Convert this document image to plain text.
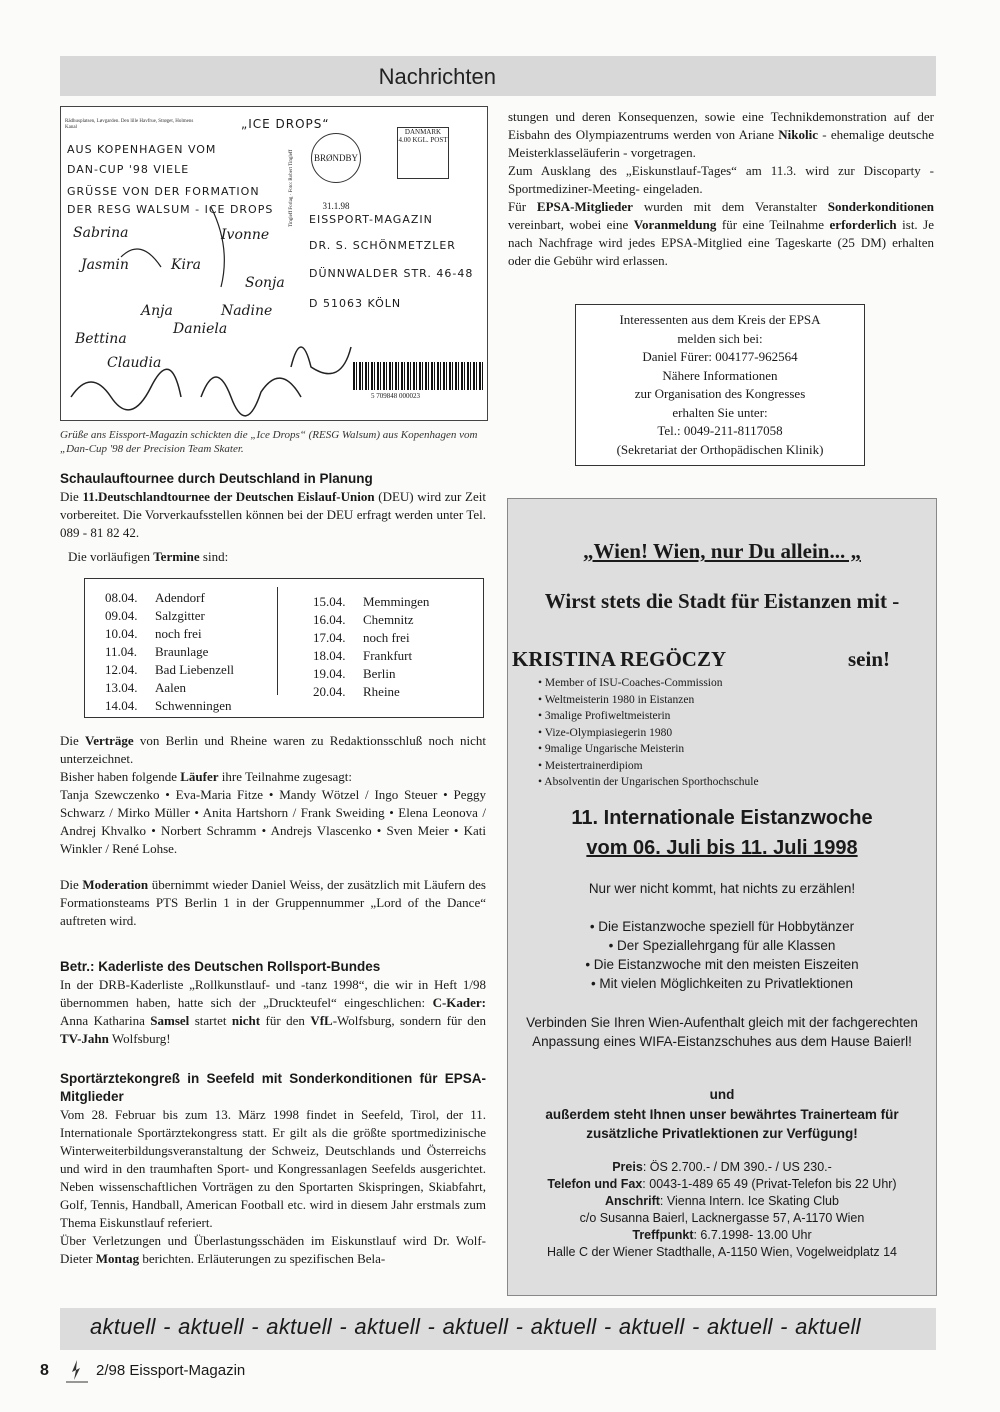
Nachrichten
Rädhusplatsen, Løvgarden. Den lille Havfrue, Strøget, Holmens Kanal	„ICE DROPS“
AUS KOPENHAGEN VOM
DAN-CUP '98 VIELE
GRÜSSE VON DER FORMATION
DER RESG WALSUM - ICE DROPS
BRØNDBY 31.1.98
DANMARK 4.00 KGL. POST
EISSPORT-MAGAZIN
DR. S. SCHÖNMETZLER
DÜNNWALDER STR. 46-48
D 51063 KÖLN
Tingleff Forlag · Foto: Robert Tingleff
Sabrina
Jasmin	Kira
Bettina
Anja
Daniela
Claudia
Ivonne
Nadine
Sonja
5 709848 000023
Grüße ans Eissport-Magazin schickten die „Ice Drops“ (RESG Walsum) aus Kopenhagen vom „Dan-Cup '98 der Precision Team Skater.
Schaulauftournee durch Deutschland in Planung
Die 11.Deutschlandtournee der Deutschen Eislauf-Union (DEU) wird zur Zeit vorbereitet. Die Vorverkaufsstellen können bei der DEU erfragt werden unter Tel. 089 - 81 82 42.
Die vorläufigen Termine sind:
08.04.	Adendorf
09.04.	Salzgitter
10.04.	noch frei
11.04.	Braunlage
12.04.	Bad Liebenzell
13.04.	Aalen
14.04.	Schwenningen
15.04.	Memmingen
16.04.	Chemnitz
17.04.	noch frei
18.04.	Frankfurt
19.04.	Berlin
20.04.	Rheine
Die Verträge von Berlin und Rheine waren zu Redaktionsschluß noch nicht unterzeichnet.
Bisher haben folgende Läufer ihre Teilnahme zugesagt:
Tanja Szewczenko • Eva-Maria Fitze • Mandy Wötzel / Ingo Steuer • Peggy Schwarz / Mirko Müller • Anita Hartshorn / Frank Sweiding • Elena Leonova / Andrej Khvalko • Norbert Schramm • Andrejs Vlascenko • Sven Meier • Kati Winkler / René Lohse.
Die Moderation übernimmt wieder Daniel Weiss, der zusätzlich mit Läufern des Formationsteams PTS Berlin 1 in der Gruppennummer „Lord of the Dance“ auftreten wird.
Betr.: Kaderliste des Deutschen Rollsport-Bundes
In der DRB-Kaderliste „Rollkunstlauf- und -tanz 1998“, die wir in Heft 1/98 übernommen haben, hatte sich der „Druckteufel“ eingeschlichen: C-Kader: Anna Katharina Samsel startet nicht für den VfL-Wolfsburg, sondern für den TV-Jahn Wolfsburg!
Sportärztekongreß in Seefeld mit Sonderkonditionen für EPSA-Mitglieder
Vom 28. Februar bis zum 13. März 1998 findet in Seefeld, Tirol, der 11. Internationale Sportärztekongress statt. Er gilt als die größte sportmedizinische Winterweiterbildungsveranstaltung der Schweiz, Deutschlands und Österreichs und wird in den traumhaften Sport- und Kongressanlagen Seefelds ausgerichtet. Neben wissenschaftlichen Vorträgen zu den Sportarten Skispringen, Skiabfahrt, Golf, Tennis, Handball, American Football etc. wird in diesem Jahr erstmals zum Thema Eiskunstlauf referiert.
Über Verletzungen und Überlastungsschäden im Eiskunstlauf wird Dr. Wolf-Dieter Montag berichten. Erläuterungen zu spezifischen Bela-
stungen und deren Konsequenzen, sowie eine Technikdemonstration auf der Eisbahn des Olympiazentrums werden von Ariane Nikolic - ehemalige deutsche Meisterklasseläuferin - vorgetragen.
Zum Ausklang des „Eiskunstlauf-Tages“ am 11.3. wird zur Discoparty -Sportmediziner-Meeting- eingeladen.
Für EPSA-Mitglieder wurden mit dem Veranstalter Sonderkonditionen vereinbart, wobei eine Voranmeldung für eine Teilnahme erforderlich ist. Je nach Nachfrage wird jedes EPSA-Mitglied eine Tageskarte (25 DM) erhalten oder die Gebühr wird erlassen.
Interessenten aus dem Kreis der EPSA
melden sich bei:
Daniel Fürer: 004177-962564
Nähere Informationen
zur Organisation des Kongresses
erhalten Sie unter:
Tel.: 0049-211-8117058
(Sekretariat der Orthopädischen Klinik)
„Wien! Wien, nur Du allein... „
Wirst stets die Stadt für Eistanzen mit -
KRISTINA REGÖCZY	sein!
• Member of ISU-Coaches-Commission
• Weltmeisterin 1980 in Eistanzen
• 3malige Profiweltmeisterin
• Vize-Olympiasiegerin 1980
• 9malige Ungarische Meisterin
• Meistertrainerdipiom
• Absolventin der Ungarischen Sporthochschule
11. Internationale Eistanzwoche
vom 06. Juli bis 11. Juli 1998
Nur wer nicht kommt, hat nichts zu erzählen!
• Die Eistanzwoche speziell für Hobbytänzer
• Der Speziallehrgang für alle Klassen
• Die Eistanzwoche mit den meisten Eiszeiten
• Mit vielen Möglichkeiten zu Privatlektionen
Verbinden Sie Ihren Wien-Aufenthalt gleich mit der fachgerechten Anpassung eines WIFA-Eistanzschuhes aus dem Hause Baierl!
und
außerdem steht Ihnen unser bewährtes Trainerteam für zusätzliche Privatlektionen zur Verfügung!
Preis: ÖS 2.700.- / DM 390.- / US 230.-
Telefon und Fax: 0043-1-489 65 49 (Privat-Telefon bis 22 Uhr)
Anschrift: Vienna Intern. Ice Skating Club
c/o Susanna Baierl, Lacknergasse 57, A-1170 Wien
Treffpunkt: 6.7.1998- 13.00 Uhr
Halle C der Wiener Stadthalle, A-1150 Wien, Vogelweidplatz 14
aktuell - aktuell - aktuell - aktuell - aktuell - aktuell - aktuell - aktuell - aktuell
8	2/98 Eissport-Magazin
